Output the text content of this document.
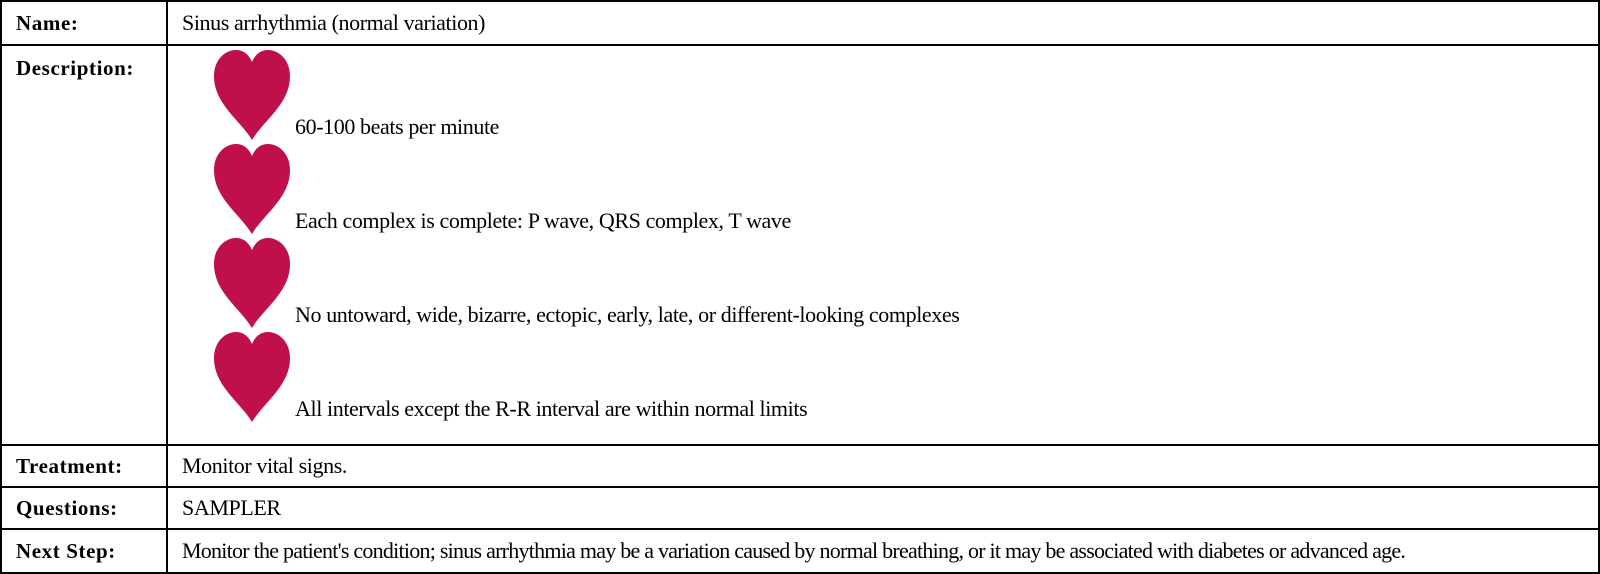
Name:	Sinus arrhythmia (normal variation)
Description:	60-100 beats per minute
Each complex is complete: P wave, QRS complex, T wave
No untoward, wide, bizarre, ectopic, early, late, or different-looking complexes
All intervals except the R-R interval are within normal limits

Treatment:	Monitor vital signs.
Questions:	SAMPLER
Next Step:	Monitor the patient's condition; sinus arrhythmia may be a variation caused by normal breathing, or it may be associated with diabetes or advanced age.
